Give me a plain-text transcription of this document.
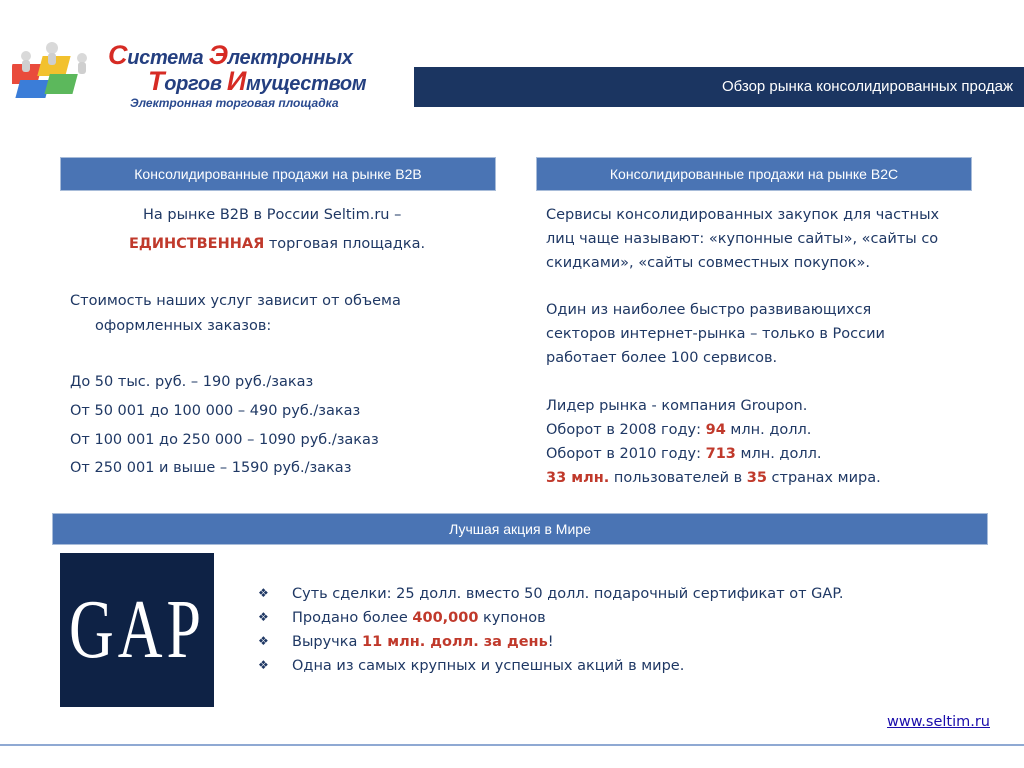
Система Электронных
Торгов Имуществом
Электронная торговая площадка
Обзор рынка консолидированных продаж
Консолидированные продажи на рынке B2B
На рынке B2B в России Seltim.ru –
ЕДИНСТВЕННАЯ торговая площадка.
Стоимость наших услуг зависит от объема
оформленных заказов:
До 50 тыс. руб. – 190 руб./заказ
От 50 001 до 100 000 – 490 руб./заказ
От 100 001 до 250 000 – 1090 руб./заказ
От 250 001 и выше – 1590 руб./заказ
Консолидированные продажи на рынке B2C
Сервисы консолидированных закупок для частных
лиц чаще называют: «купонные сайты», «сайты со
скидками», «сайты совместных покупок».
Один из наиболее быстро развивающихся
секторов интернет-рынка – только в России
работает более 100 сервисов.
Лидер рынка - компания Groupon.
Оборот в 2008 году: 94 млн. долл.
Оборот в 2010 году: 713 млн. долл.
33 млн. пользователей в 35 странах мира.
Лучшая акция в Мире
GAP	❖ Суть сделки: 25 долл. вместо 50 долл. подарочный сертификат от GAP.
❖ Продано более 400,000 купонов
❖ Выручка 11 млн. долл. за день!
❖ Одна из самых крупных и успешных акций в мире.
www.seltim.ru
